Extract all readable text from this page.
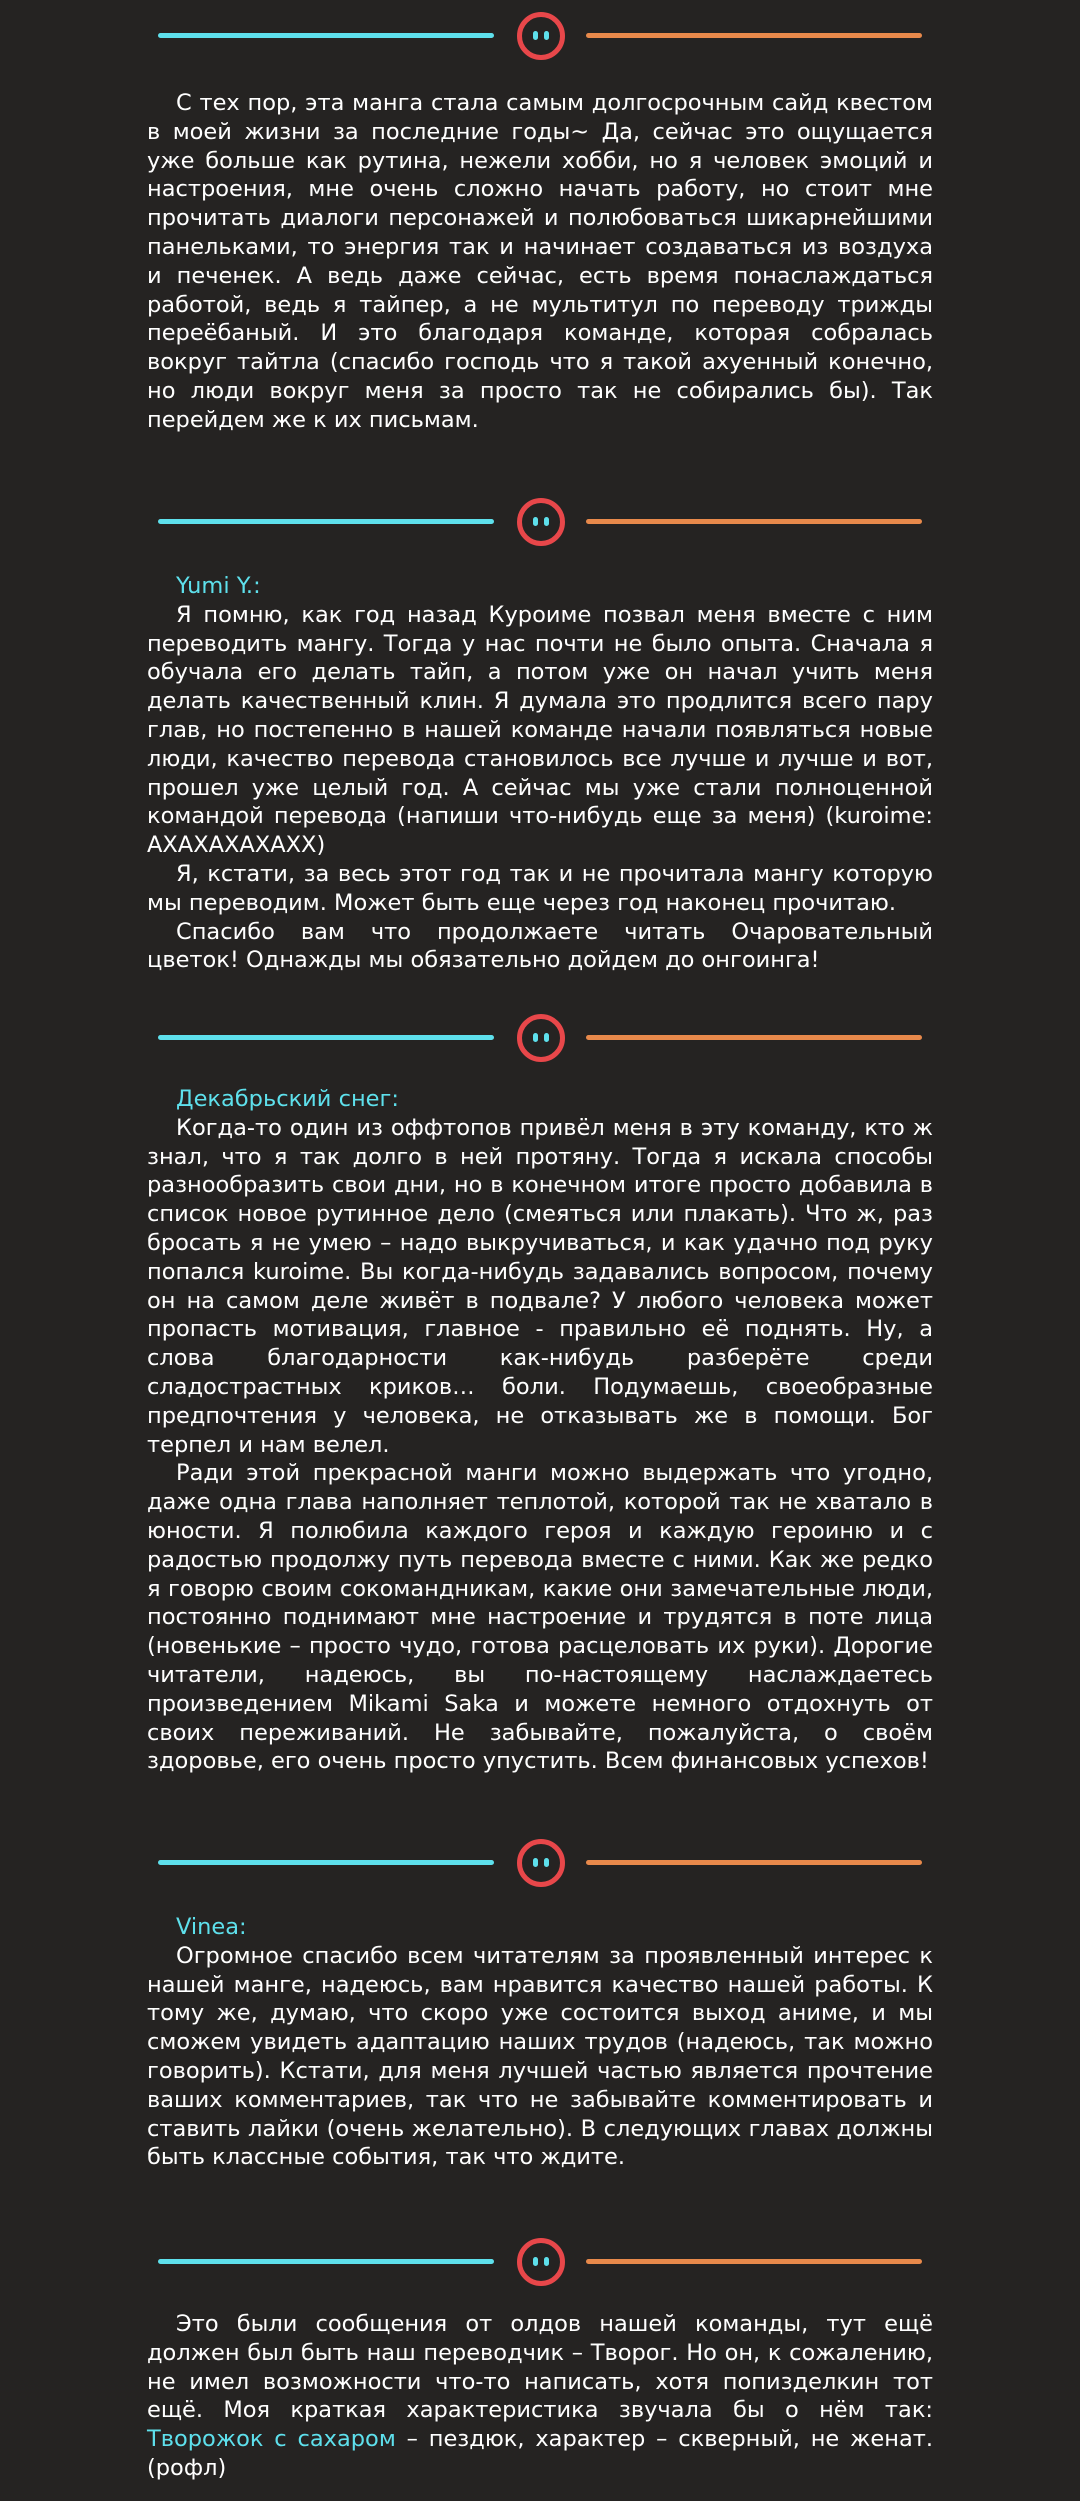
С тех пор, эта манга стала самым долгосрочным сайд квестом в моей жизни за последние годы~ Да, сейчас это ощущается уже больше как рутина, нежели хобби, но я человек эмоций и настроения, мне очень сложно начать работу, но стоит мне прочитать диалоги персонажей и полюбоваться шикарнейшими панельками, то энергия так и начинает создаваться из воздуха и печенек. А ведь даже сейчас, есть время понаслаждаться работой, ведь я тайпер, а не мультитул по переводу трижды переёбаный. И это благодаря команде, которая собралась вокруг тайтла (спасибо господь что я такой ахуенный конечно, но люди вокруг меня за просто так не собирались бы). Так перейдем же к их письмам.

Yumi Y.:

Я помню, как год назад Куроиме позвал меня вместе с ним переводить мангу. Тогда у нас почти не было опыта. Сначала я обучала его делать тайп, а потом уже он начал учить меня делать качественный клин. Я думала это продлится всего пару глав, но постепенно в нашей команде начали появляться новые люди, качество перевода становилось все лучше и лучше и вот, прошел уже целый год. А сейчас мы уже стали полноценной командой перевода (напиши что-нибудь еще за меня) (kuroime: АХАХАХАХАХХ)

Я, кстати, за весь этот год так и не прочитала мангу которую мы переводим. Может быть еще через год наконец прочитаю.

Спасибо вам что продолжаете читать Очаровательный цветок! Однажды мы обязательно дойдем до онгоинга!

Декабрьский снег:

Когда-то один из оффтопов привёл меня в эту команду, кто ж знал, что я так долго в ней протяну. Тогда я искала способы разнообразить свои дни, но в конечном итоге просто добавила в список новое рутинное дело (смеяться или плакать). Что ж, раз бросать я не умею – надо выкручиваться, и как удачно под руку попался kuroime. Вы когда-нибудь задавались вопросом, почему он на самом деле живёт в подвале? У любого человека может пропасть мотивация, главное - правильно её поднять. Ну, а слова благодарности как-нибудь разберёте среди сладострастных криков… боли. Подумаешь, своеобразные предпочтения у человека, не отказывать же в помощи. Бог терпел и нам велел.

Ради этой прекрасной манги можно выдержать что угодно, даже одна глава наполняет теплотой, которой так не хватало в юности. Я полюбила каждого героя и каждую героиню и с радостью продолжу путь перевода вместе с ними. Как же редко я говорю своим сокомандникам, какие они замечательные люди, постоянно поднимают мне настроение и трудятся в поте лица (новенькие – просто чудо, готова расцеловать их руки). Дорогие читатели, надеюсь, вы по-настоящему наслаждаетесь произведением Mikami Saka и можете немного отдохнуть от своих переживаний. Не забывайте, пожалуйста, о своём здоровье, его очень просто упустить. Всем финансовых успехов!

Vinea:

Огромное спасибо всем читателям за проявленный интерес к нашей манге, надеюсь, вам нравится качество нашей работы. К тому же, думаю, что скоро уже состоится выход аниме, и мы сможем увидеть адаптацию наших трудов (надеюсь, так можно говорить). Кстати, для меня лучшей частью является прочтение ваших комментариев, так что не забывайте комментировать и ставить лайки (очень желательно). В следующих главах должны быть классные события, так что ждите.

Это были сообщения от олдов нашей команды, тут ещё должен был быть наш переводчик – Творог. Но он, к сожалению, не имел возможности что-то написать, хотя попизделкин тот ещё. Моя краткая характеристика звучала бы о нём так: Творожок с сахаром – пездюк, характер – скверный, не женат. (рофл)
